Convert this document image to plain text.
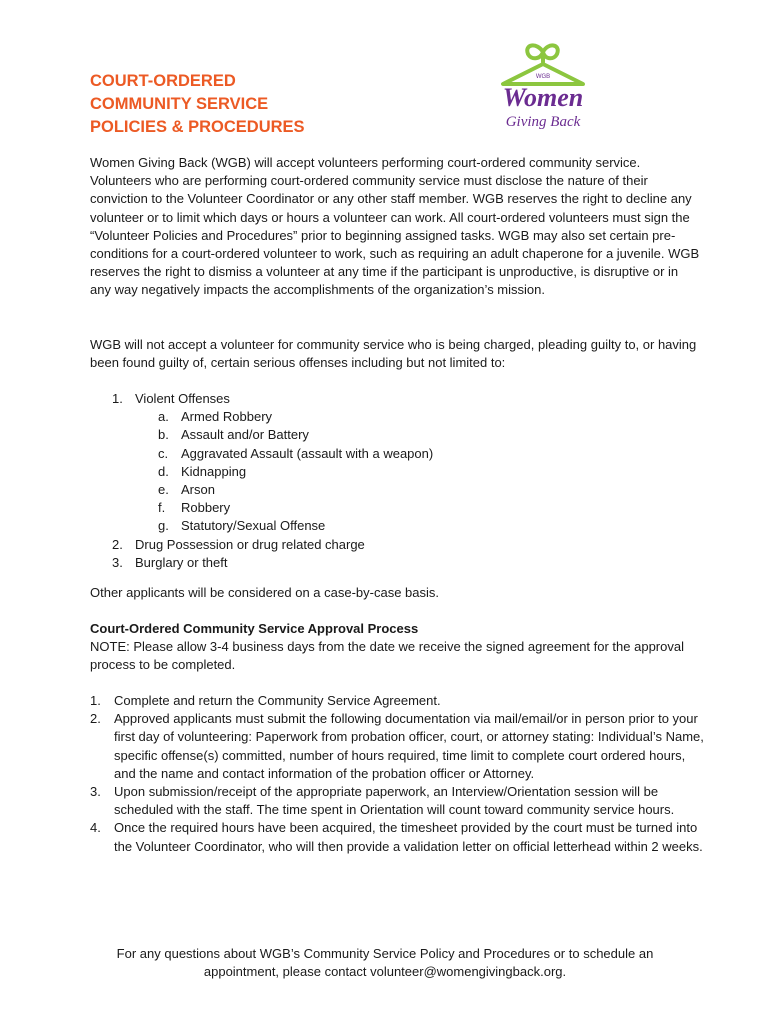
COURT-ORDERED
COMMUNITY SERVICE
POLICIES & PROCEDURES
WGB
Women
Giving Back

Women Giving Back (WGB) will accept volunteers performing court-ordered community service. Volunteers who are performing court-ordered community service must disclose the nature of their conviction to the Volunteer Coordinator or any other staff member. WGB reserves the right to decline any volunteer or to limit which days or hours a volunteer can work. All court-ordered volunteers must sign the “Volunteer Policies and Procedures” prior to beginning assigned tasks. WGB may also set certain pre-conditions for a court-ordered volunteer to work, such as requiring an adult chaperone for a juvenile. WGB reserves the right to dismiss a volunteer at any time if the participant is unproductive, is disruptive or in any way negatively impacts the accomplishments of the organization’s mission.

WGB will not accept a volunteer for community service who is being charged, pleading guilty to, or having been found guilty of, certain serious offenses including but not limited to:

1. Violent Offenses
a. Armed Robbery
b. Assault and/or Battery
c. Aggravated Assault (assault with a weapon)
d. Kidnapping
e. Arson
f. Robbery
g. Statutory/Sexual Offense
2. Drug Possession or drug related charge
3. Burglary or theft

Other applicants will be considered on a case-by-case basis.

Court-Ordered Community Service Approval Process

NOTE: Please allow 3-4 business days from the date we receive the signed agreement for the approval process to be completed.

1. Complete and return the Community Service Agreement.
2. Approved applicants must submit the following documentation via mail/email/or in person prior to your first day of volunteering: Paperwork from probation officer, court, or attorney stating: Individual’s Name, specific offense(s) committed, number of hours required, time limit to complete court ordered hours, and the name and contact information of the probation officer or Attorney.
3. Upon submission/receipt of the appropriate paperwork, an Interview/Orientation session will be scheduled with the staff. The time spent in Orientation will count toward community service hours.
4. Once the required hours have been acquired, the timesheet provided by the court must be turned into the Volunteer Coordinator, who will then provide a validation letter on official letterhead within 2 weeks.

For any questions about WGB’s Community Service Policy and Procedures or to schedule an appointment, please contact volunteer@womengivingback.org.
